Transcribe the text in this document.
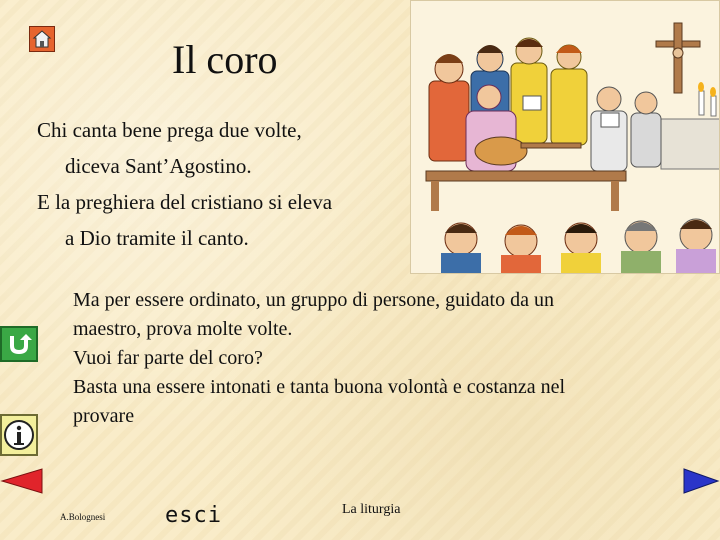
Il coro
Chi canta bene prega due volte,
diceva Sant’Agostino.
E la preghiera del cristiano si eleva
a Dio tramite il canto.
Ma per essere ordinato, un gruppo di persone, guidato da un
maestro, prova molte volte.
Vuoi far parte del coro?
Basta una essere intonati e tanta buona volontà e costanza nel
provare
A.Bolognesi	esci	La liturgia
